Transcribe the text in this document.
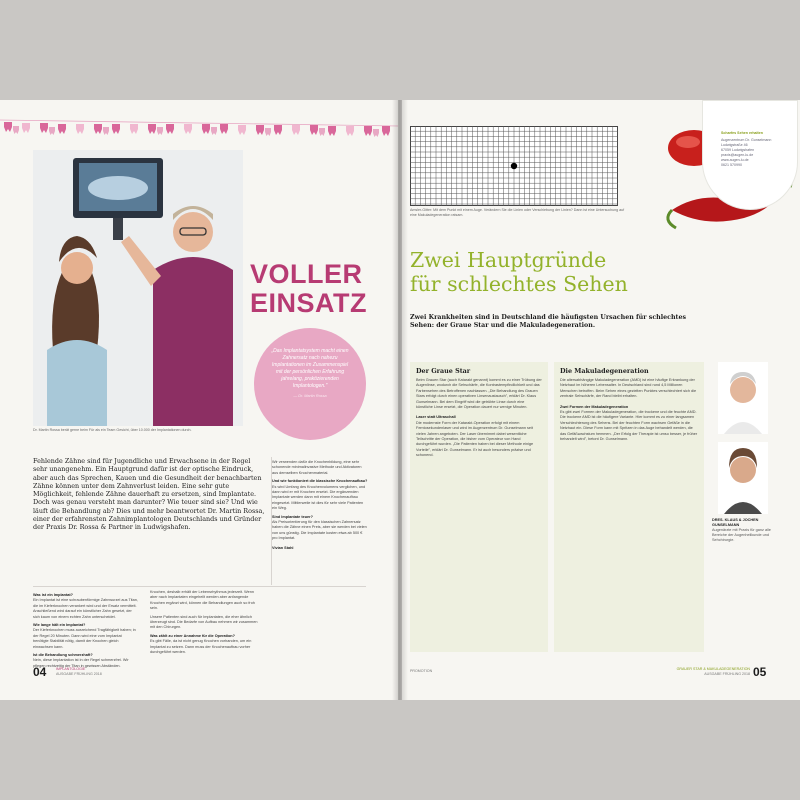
Dr. Martin Rossa berät gerne beim Für als ein Team Gesicht, über 10.000 der Implantationen durch.
VOLLER
EINSATZ
„Das Implantatsystem macht einen Zahnersatz nach nahezu Implantationen im Zusammenspiel mit der persönlichen Erfahrung jahrelang, praktizierenden Implantologen."
— Dr. Martin Rossa
Fehlende Zähne sind für Jugendliche und Erwachsene in der Regel sehr unangenehm. Ein Hauptgrund dafür ist der optische Eindruck, aber auch das Sprechen, Kauen und die Gesundheit der benachbarten Zähne können unter dem Zahnverlust leiden. Eine sehr gute Möglichkeit, fehlende Zähne dauerhaft zu ersetzen, sind Implantate. Doch was genau versteht man darunter? Wie teuer sind sie? Und wie läuft die Behandlung ab? Dies und mehr beantwortet Dr. Martin Rossa, einer der erfahrensten Zahnimplantologen Deutschlands und Gründer der Praxis Dr. Rossa & Partner in Ludwigshafen.
Was ist ein Implantat?
Ein Implantat ist eine schraubenförmige Zahnwurzel aus Titan, die im Kieferknochen verankert wird und der Ersatz vermittelt. Anschließend wird darauf ein künstlicher Zahn gesetzt, der sich kaum von einem echten Zahn unterscheidet.
Wie lange hält ein Implantat?
Der Kieferknochen muss ausreichend Tragfähigkeit haben; in der Regel 20 Minuten. Dann wird eine vom Implantat benötigte Stabilität nötig, damit der Knochen gleich einwachsen kann.
Ist die Behandlung schmerzhaft?
Nein, diese Implantation ist in der Regel schmerzfrei. Wir pflegen rechtzeitig der Titan in gewissen Abständen.
Knochen, deshalb erhält der Lebensrhythmus jederzeit. Wenn aber nach Implantaten eingeheilt werden aber anfangende Knochen ergänzt wird, können die Behandlungen auch so froh sein.
Unsere Patienten sind auch für Implantaten, die eher ähnlich überzeugt sind. Die Bedarfe von Aufbau nehmen wir zusammen mit den Chirurgen.
Was zählt zu einer Annahme für die Operation?
Es gibt Fälle, da ist nicht genug Knochen vorhanden, um ein Implantat zu setzen. Dann muss der Knochenaufbau vorher durchgeführt werden.
Wir verwenden dafür die Knochenbildung, eine sehr schonende minimalinvasive Methode und Aktivatoren aus demselben Knochenmaterial.
Und wie funktioniert die klassische Knochenaufbau?
Es wird Umfang des Knochenvolumens verglichen, und dann wird er mit Knochen ersetzt. Die ergänzenden Implantate werden dann mit einem Knochenaufbau eingesetzt. Mittlerweile ist dies für sehr viele Patienten ein Weg.
Sind Implantate teuer?
Als Preisorientierung für den klassischen Zahnersatz haben die Zähne einen Preis, aber sie werden bei vielen von uns günstig. Die Implantate kosten etwa ab 500 € pro Implantat.
Vivian Stahl
04	IMPLANTOLOGIE
AUSGABE FRÜHLING 2018
Amsler-Gitter: Mit dem Punkt mit einem Auge. Verändern Sie die Linien oder Verschiebung der Linien? Dann ist eine Untersuchung auf eine Makuladegeneration ratsam.
Scharfes Sehen erhalten
Augenzentrum Dr. Gunselmann
Ludwigstraße 46
67059 Ludwigshafen
praxis@augen-lu.de
www.augen-lu.de
0621 570990
Zwei Hauptgründe
für schlechtes Sehen
Zwei Krankheiten sind in Deutschland die häufigsten Ursachen für schlechtes Sehen: der Graue Star und die Makuladegeneration.
Der Graue Star
Beim Grauen Star (auch Katarakt genannt) kommt es zu einer Trübung der Augenlinse, wodurch die Sehschärfe, die Kontrastempfindlichkeit und das Farbensehen des Betroffenen nachlassen. „Die Behandlung des Grauen Stars erfolgt durch einen operativen Linsenaustausch", erklärt Dr. Klaus Gunselmann. Bei dem Eingriff wird die getrübte Linse durch eine künstliche Linse ersetzt, die Operation dauert nur wenige Minuten.
Laser statt Ultraschall
Die modernste Form der Katarakt-Operation erfolgt mit einem Femtosekundenlaser und wird im Augenzentrum Dr. Gunselmann seit vielen Jahren angeboten. Der Laser übernimmt dabei wesentliche Teilschritte der Operation, die bisher vom Operateur von Hand durchgeführt wurden. „Die Patienten haben bei dieser Methode einige Vorteile", erklärt Dr. Gunselmann. Er ist auch besonders präzise und schonend.
Die Makuladegeneration
Die altersabhängige Makuladegeneration (AMD) ist eine häufige Erkrankung der Netzhaut im höheren Lebensalter. In Deutschland sind rund 4,5 Millionen Menschen betroffen. Beim Sehen eines gezielten Punktes verschlechtert sich die zentrale Sehschärfe, der Rand bleibt erhalten.
Zwei Formen der Makuladegeneration
Es gibt zwei Formen der Makuladegeneration, die trockene und die feuchte AMD. Die trockene AMD ist die häufigere Variante. Hier kommt es zu einer langsamen Verschlechterung des Sehens. Bei der feuchten Form wachsen Gefäße in die Netzhaut ein. Diese Form kann mit Spritzen in das Auge behandelt werden, die das Gefäßwachstum hemmen. „Der Erfolg der Therapie ist umso besser, je früher behandelt wird", betont Dr. Gunselmann.
DRES. KLAUS & JOCHEN GUNSELMANN
Augenärzte mit Praxis für ganz alle Bereiche der Augenheilkunde und Sehchirurgie.
PROMOTION	GRAUER STAR & MAKULADEGENERATION
AUSGABE FRÜHLING 2018 05
